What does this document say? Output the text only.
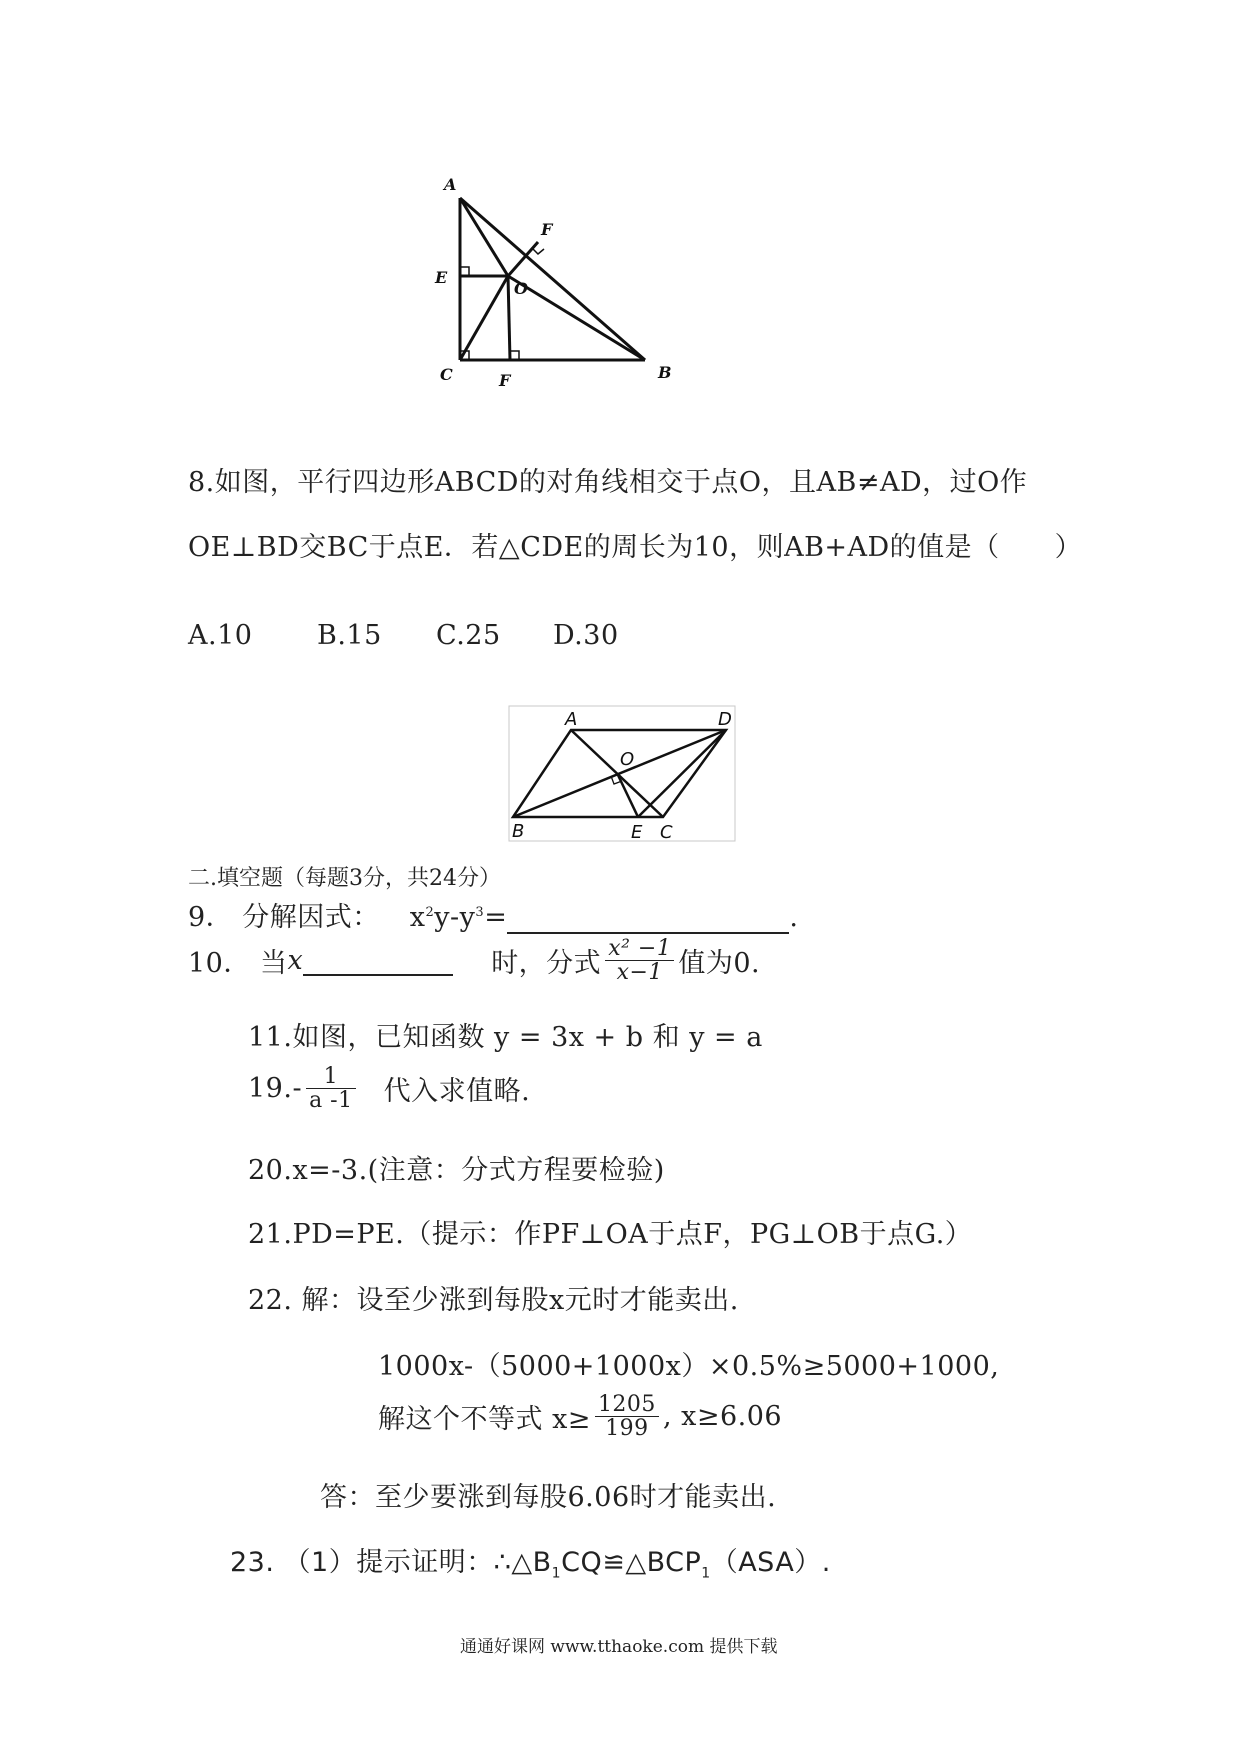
A
F
E
O
C	F	B
8.如图，平行四边形ABCD的对角线相交于点O，且AB≠AD，过O作
OE⊥BD交BC于点E．若△CDE的周长为10，则AB+AD的值是（　　）
A.10 B.15 C.25 D.30
A	D
O
B	E C
二.填空题（每题3分，共24分）
9． 分解因式： $x^2y-y^3=$	.
10． 当 x	时，分式 $\frac{\text{x² −1}}{x-1}$ 值为0.
11.如图，已知函数 y = 3x + b 和 y = a
$19.- \frac{1}{a -1}$ 代入求值略.
20.x=-3.(注意：分式方程要检验)
21.PD=PE.（提示：作PF⊥OA于点F，PG⊥OB于点G.）
22. 解：设至少涨到每股x元时才能卖出.
1000x-（5000+1000x）×0.5%≥5000+1000,
解这个不等式 $x\ge \frac{1205}{199}$ , x≥6.06
答：至少要涨到每股6.06时才能卖出.
23. （1）提示证明：$\therefore\triangle B_1CQ≌\triangle BCP_1(ASA)$.
通通好课网 www.tthaoke.com 提供下载
